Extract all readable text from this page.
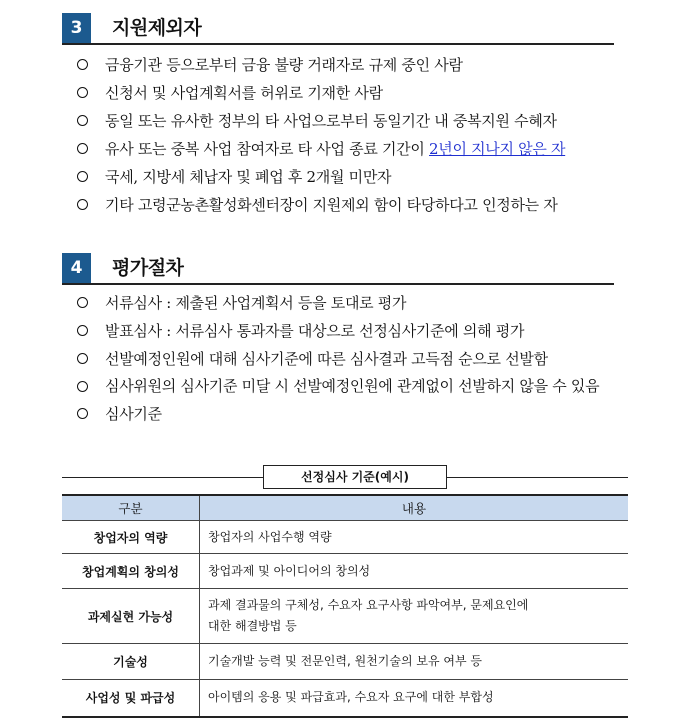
3	지원제외자
금융기관 등으로부터 금융 불량 거래자로 규제 중인 사람
신청서 및 사업계획서를 허위로 기재한 사람
동일 또는 유사한 정부의 타 사업으로부터 동일기간 내 중복지원 수혜자
유사 또는 중복 사업 참여자로 타 사업 종료 기간이 2년이 지나지 않은 자
국세, 지방세 체납자 및 폐업 후 2개월 미만자
기타 고령군농촌활성화센터장이 지원제외 함이 타당하다고 인정하는 자
4	평가절차
서류심사 : 제출된 사업계획서 등을 토대로 평가
발표심사 : 서류심사 통과자를 대상으로 선정심사기준에 의해 평가
선발예정인원에 대해 심사기준에 따른 심사결과 고득점 순으로 선발함
심사위원의 심사기준 미달 시 선발예정인원에 관계없이 선발하지 않을 수 있음
심사기준
선정심사 기준(예시)
구분	내용
창업자의 역량	창업자의 사업수행 역량
창업계획의 창의성	창업과제 및 아이디어의 창의성
과제실현 가능성	과제 결과물의 구체성, 수요자 요구사항 파악여부, 문제요인에
대한 해결방법 등

기술성	기술개발 능력 및 전문인력, 원천기술의 보유 여부 등
사업성 및 파급성	아이템의 응용 및 파급효과, 수요자 요구에 대한 부합성
